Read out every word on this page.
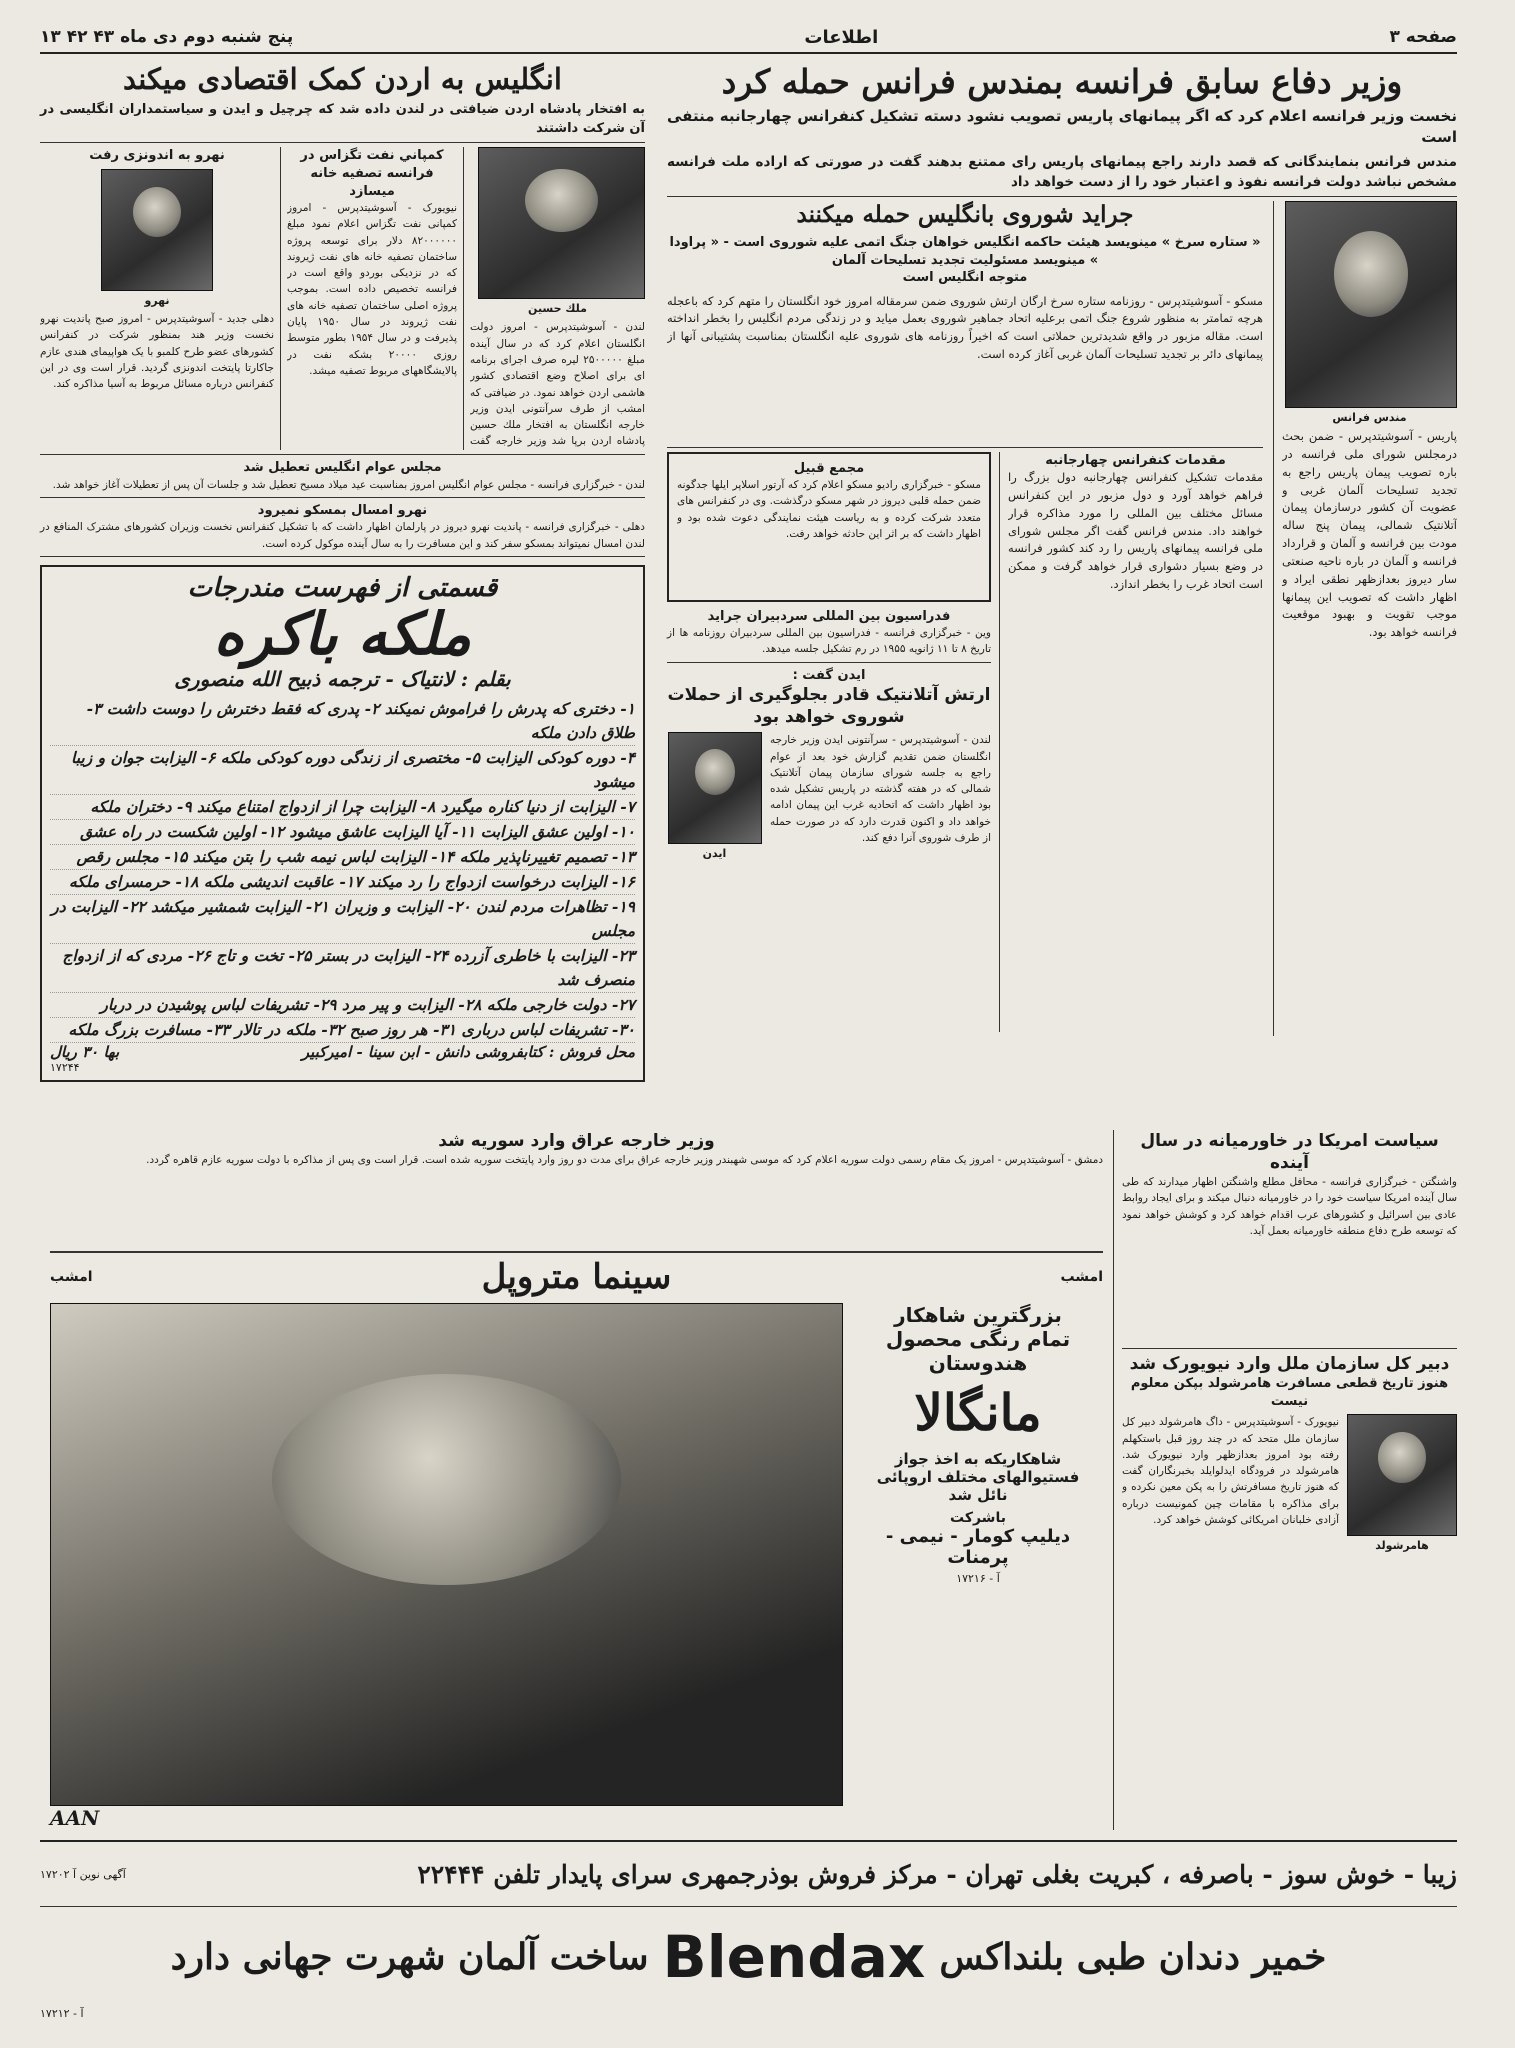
صفحه ۳
اطلاعات
پنج شنبه دوم دی ماه ۴۳ ۴۲ ۱۳
وزیر دفاع سابق فرانسه بمندس فرانس حمله کرد
نخست وزیر فرانسه اعلام کرد که اگر پیمانهای پاریس تصویب نشود دسته تشکیل کنفرانس چهارجانبه منتفی است
مندس فرانس بنمایندگانی که قصد دارند راجع پیمانهای پاریس رای ممتنع بدهند گفت در صورتی که اراده ملت فرانسه مشخص نباشد دولت فرانسه نفوذ و اعتبار خود را از دست خواهد داد
مندس فرانس
پاریس - آسوشیتدپرس - ضمن بحث درمجلس شورای ملی فرانسه در باره تصویب پیمان پاریس راجع به تجدید تسلیحات آلمان غربی و عضویت آن کشور درسازمان پیمان آتلانتیک شمالی، پیمان پنج ساله مودت بین فرانسه و آلمان و قرارداد فرانسه و آلمان در باره ناحیه صنعتی سار دیروز بعدازظهر نطقی ایراد و اظهار داشت که تصویب این پیمانها موجب تقویت و بهبود موقعیت فرانسه خواهد بود.
جراید شوروی بانگلیس حمله میکنند
« ستاره سرخ » مینویسد هیئت حاکمه انگلیس خواهان جنگ اتمی علیه شوروی است - « پراودا » مینویسد مسئولیت تجدید تسلیحات آلمان
متوجه انگلیس است
مسکو - آسوشیتدپرس - روزنامه ستاره سرخ ارگان ارتش شوروی ضمن سرمقاله امروز خود انگلستان را متهم کرد که باعجله هرچه تمامتر به منظور شروع جنگ اتمی برعلیه اتحاد جماهیر شوروی بعمل میاید و در زندگی مردم انگلیس را بخطر انداخته است. مقاله مزبور در واقع شدیدترین حملاتی است که اخیراً روزنامه های شوروی علیه انگلستان بمناسبت پشتیبانی آنها از پیمانهای دائر بر تجدید تسلیحات آلمان غربی آغاز کرده است.
مقدمات کنفرانس چهارجانبه
مقدمات تشکیل کنفرانس چهارجانبه دول بزرگ را فراهم خواهد آورد و دول مزبور در این کنفرانس مسائل مختلف بین المللی را مورد مذاکره قرار خواهند داد. مندس فرانس گفت اگر مجلس شورای ملی فرانسه پیمانهای پاریس را رد کند کشور فرانسه در وضع بسیار دشواری قرار خواهد گرفت و ممکن است اتحاد غرب را بخطر اندازد.
مجمع قبیل
مسکو - خبرگزاری رادیو مسکو اعلام کرد که آرتور اسلاپر ایلها جدگونه ضمن حمله قلبی دیروز در شهر مسکو درگذشت. وی در کنفرانس های متعدد شرکت کرده و به ریاست هیئت نمایندگی دعوت شده بود و اظهار داشت که بر اثر این حادثه خواهد رفت.
فدراسیون بین المللی سردبیران جراید
وین - خبرگزاری فرانسه - فدراسیون بین المللی سردبیران روزنامه ها از تاریخ ۸ تا ۱۱ ژانویه ۱۹۵۵ در رم تشکیل جلسه میدهد.
ایدن گفت :
ارتش آتلانتیک قادر بجلوگیری از حملات شوروی خواهد بود
لندن - آسوشیتدپرس - سرآنتونی ایدن وزیر خارجه انگلستان ضمن تقدیم گزارش خود بعد از عوام راجع به جلسه شورای سازمان پیمان آتلانتیک شمالی که در هفته گذشته در پاریس تشکیل شده بود اظهار داشت که اتحادیه غرب این پیمان ادامه خواهد داد و اکنون قدرت دارد که در صورت حمله از طرف شوروی آنرا دفع کند.
ایدن
انگلیس به اردن کمک اقتصادی میکند
به افتخار پادشاه اردن ضیافتی در لندن داده شد که چرچیل و ایدن و سیاستمداران انگلیسی در آن شرکت داشتند
ملك حسين
لندن - آسوشیتدپرس - امروز دولت انگلستان اعلام کرد که در سال آینده مبلغ ۲۵۰۰۰۰۰ لیره صرف اجرای برنامه ای برای اصلاح وضع اقتصادی کشور هاشمی اردن خواهد نمود. در ضیافتی که امشب از طرف سرآنتونی ایدن وزیر خارجه انگلستان به افتخار ملك حسين پادشاه اردن برپا شد وزیر خارجه گفت
كمپاني نفت تگزاس در فرانسه تصفیه خانه میسازد
نیویورک - آسوشیتدپرس - امروز کمپانی نفت تگزاس اعلام نمود مبلغ ۸۲۰۰۰۰۰۰ دلار برای توسعه پروژه ساختمان تصفیه خانه های نفت ژیروند که در نزدیکی بوردو واقع است در فرانسه تخصیص داده است. بموجب پروژه اصلی ساختمان تصفیه خانه های نفت ژیروند در سال ۱۹۵۰ پایان پذیرفت و در سال ۱۹۵۴ بطور متوسط روزی ۲۰۰۰۰ بشکه نفت در پالایشگاههای مربوط تصفیه میشد.
نهرو به اندونزی رفت
نهرو
دهلی جدید - آسوشیتدپرس - امروز صبح پاندیت نهرو نخست وزیر هند بمنظور شرکت در کنفرانس کشورهای عضو طرح کلمبو با یک هواپیمای هندی عازم جاکارتا پایتخت اندونزی گردید. قرار است وی در این کنفرانس درباره مسائل مربوط به آسیا مذاکره کند.
مجلس عوام انگلیس تعطیل شد
لندن - خبرگزاری فرانسه - مجلس عوام انگلیس امروز بمناسبت عید میلاد مسیح تعطیل شد و جلسات آن پس از تعطیلات آغاز خواهد شد.
نهرو امسال بمسکو نمیرود
دهلی - خبرگزاری فرانسه - پاندیت نهرو دیروز در پارلمان اظهار داشت که با تشکیل کنفرانس نخست وزیران کشورهای مشترک المنافع در لندن امسال نمیتواند بمسکو سفر کند و این مسافرت را به سال آینده موکول کرده است.
قسمتی از فهرست مندرجات
ملکه باکره
بقلم : لانتیاک - ترجمه ذبیح الله منصوری
۱- دختری که پدرش را فراموش نمیکند ۲- پدری که فقط دخترش را دوست داشت ۳- طلاق دادن ملکه
۴- دوره کودکی الیزابت ۵- مختصری از زندگی دوره کودکی ملکه ۶- الیزابت جوان و زیبا میشود
۷- الیزابت از دنیا کناره میگیرد ۸- الیزابت چرا از ازدواج امتناع میکند ۹- دختران ملکه
۱۰- اولین عشق الیزابت ۱۱- آیا الیزابت عاشق میشود ۱۲- اولین شکست در راه عشق
۱۳- تصمیم تغییرناپذیر ملکه ۱۴- الیزابت لباس نیمه شب را بتن میکند ۱۵- مجلس رقص
۱۶- الیزابت درخواست ازدواج را رد میکند ۱۷- عاقبت اندیشی ملکه ۱۸- حرمسرای ملکه
۱۹- تظاهرات مردم لندن ۲۰- الیزابت و وزیران ۲۱- الیزابت شمشیر میکشد ۲۲- الیزابت در مجلس
۲۳- الیزابت با خاطری آزرده ۲۴- الیزابت در بستر ۲۵- تخت و تاج ۲۶- مردی که از ازدواج منصرف شد
۲۷- دولت خارجی ملکه ۲۸- الیزابت و پیر مرد ۲۹- تشریفات لباس پوشیدن در دربار
۳۰- تشریفات لباس درباری ۳۱- هر روز صبح ۳۲- ملکه در تالار ۳۳- مسافرت بزرگ ملکه
محل فروش : کتابفروشی دانش - ابن سینا - امیرکبیر
بها ۳۰ ریال
۱۷۲۴۴
سیاست امریکا در خاورمیانه در سال آینده
واشنگتن - خبرگزاری فرانسه - محافل مطلع واشنگتن اظهار میدارند که طی سال آینده امریکا سیاست خود را در خاورمیانه دنبال میکند و برای ایجاد روابط عادی بین اسرائیل و کشورهای عرب اقدام خواهد کرد و کوشش خواهد نمود که توسعه طرح دفاع منطقه خاورمیانه بعمل آید.
دبیر کل سازمان ملل وارد نیویورک شد
هنوز تاریخ قطعی مسافرت هامرشولد بپکن معلوم نیست
هامرشولد
نیویورک - آسوشیتدپرس - داگ هامرشولد دبیر کل سازمان ملل متحد که در چند روز قبل باستکهلم رفته بود امروز بعدازظهر وارد نیویورک شد. هامرشولد در فرودگاه ایدلوایلد بخبرنگاران گفت که هنوز تاریخ مسافرتش را به پکن معین نکرده و برای مذاکره با مقامات چین کمونیست درباره آزادی خلبانان امریکائی کوشش خواهد کرد.
وزیر خارجه عراق وارد سوریه شد
دمشق - آسوشیتدپرس - امروز یک مقام رسمی دولت سوریه اعلام کرد که موسی شهبندر وزیر خارجه عراق برای مدت دو روز وارد پایتخت سوریه شده است. قرار است وی پس از مذاکره با دولت سوریه عازم قاهره گردد.
امشب
سینما متروپل
امشب
بزرگترین شاهکار
تمام رنگی محصول
هندوستان
مانگالا
شاهکاریکه به اخذ جواز
فستیوالهای مختلف اروپائی
نائل شد
باشرکت
دیلیپ کومار - نیمی - پرمنات
آ - ۱۷۲۱۶
AAN
زیبا - خوش سوز - باصرفه ، کبریت بغلی تهران - مرکز فروش بوذرجمهری سرای پایدار تلفن ۲۲۴۴۴
آگهی نوین آ ۱۷۲۰۲
خمیر دندان طبی بلنداکس
Blendax
ساخت آلمان شهرت جهانی دارد
آ - ۱۷۲۱۲
